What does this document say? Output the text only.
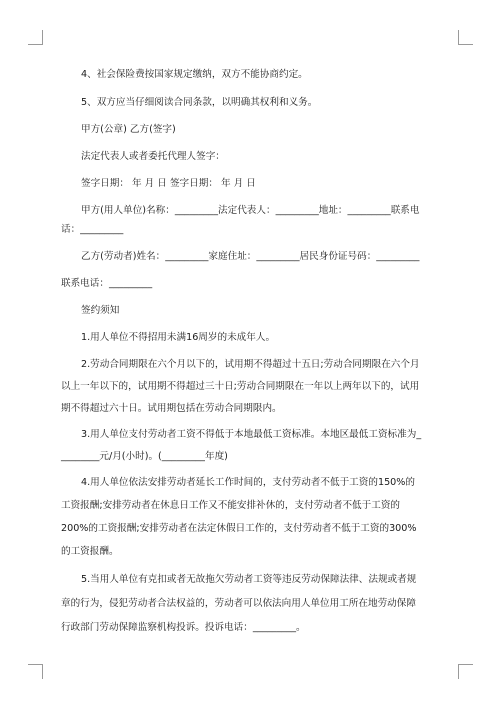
4、社会保险费按国家规定缴纳，双方不能协商约定。
5、双方应当仔细阅读合同条款，以明确其权利和义务。
甲方(公章) 乙方(签字)
法定代表人或者委托代理人签字：
签字日期： 年 月 日 签字日期： 年 月 日
甲方(用人单位)名称：_________法定代表人：_________地址：_________联系电
话：_________
乙方(劳动者)姓名：_________家庭住址：_________居民身份证号码：_________
联系电话：_________
签约须知
1.用人单位不得招用未满16周岁的未成年人。
2.劳动合同期限在六个月以下的，试用期不得超过十五日;劳动合同期限在六个月
以上一年以下的，试用期不得超过三十日;劳动合同期限在一年以上两年以下的，试用
期不得超过六十日。试用期包括在劳动合同期限内。
3.用人单位支付劳动者工资不得低于本地最低工资标准。本地区最低工资标准为_
________元/月(小时)。(_________年度)
4.用人单位依法安排劳动者延长工作时间的，支付劳动者不低于工资的150%的
工资报酬;安排劳动者在休息日工作又不能安排补休的，支付劳动者不低于工资的
200%的工资报酬;安排劳动者在法定休假日工作的，支付劳动者不低于工资的300%
的工资报酬。
5.当用人单位有克扣或者无故拖欠劳动者工资等违反劳动保障法律、法规或者规
章的行为，侵犯劳动者合法权益的，劳动者可以依法向用人单位用工所在地劳动保障
行政部门劳动保障监察机构投诉。投诉电话：_________。
